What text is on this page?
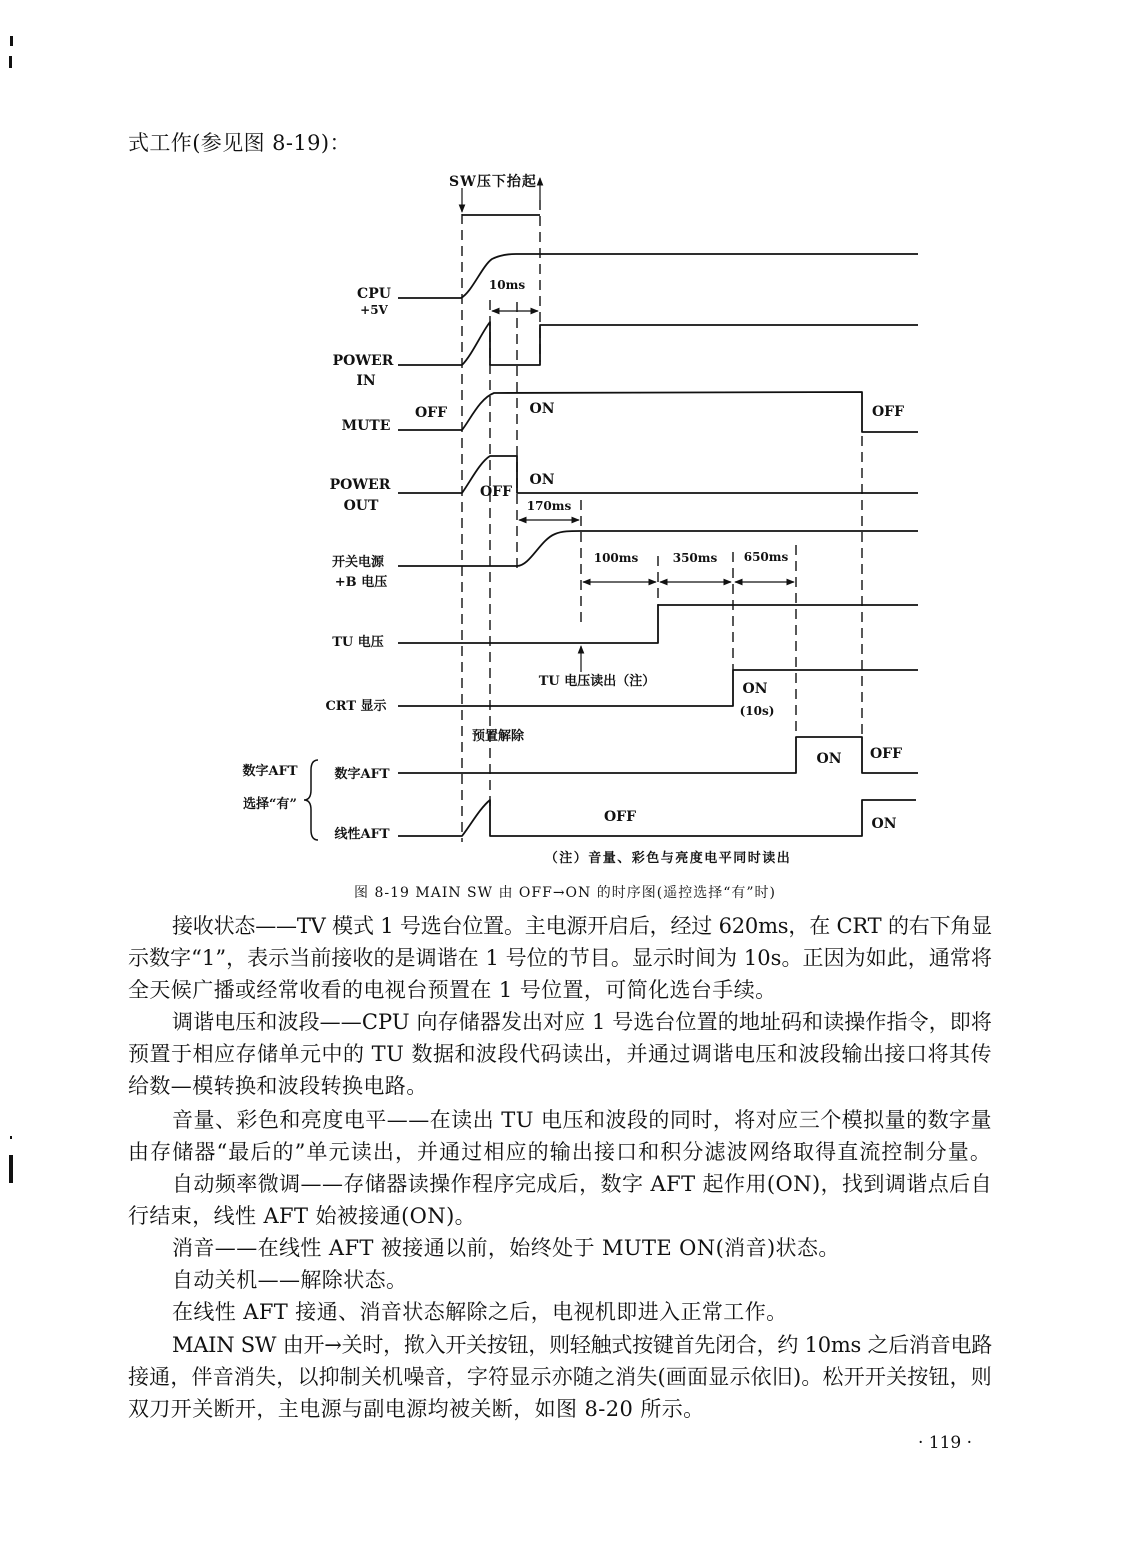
式工作(参见图 8-19)：
SW压下抬起
CPU
+5V
POWER
IN
MUTE
POWER
OUT
开关电源
+B 电压
TU 电压
CRT 显示
数字AFT
线性AFT
数字AFT
选择“有”
10ms
OFF	ON	OFF
OFF
ON
170ms
100ms	350ms 650ms
TU 电压读出（注）	ON
(10s)
预置解除
ON OFF
OFF	ON
（注）音量、彩色与亮度电平同时读出
图 8-19 MAIN SW 由 OFF→ON 的时序图(遥控选择“有”时)
接收状态——TV 模式 1 号选台位置。主电源开启后，经过 620ms，在 CRT 的右下角显
示数字“1”，表示当前接收的是调谐在 1 号位的节目。显示时间为 10s。正因为如此，通常将
全天候广播或经常收看的电视台预置在 1 号位置，可简化选台手续。
调谐电压和波段——CPU 向存储器发出对应 1 号选台位置的地址码和读操作指令，即将
预置于相应存储单元中的 TU 数据和波段代码读出，并通过调谐电压和波段输出接口将其传
给数—模转换和波段转换电路。
音量、彩色和亮度电平——在读出 TU 电压和波段的同时，将对应三个模拟量的数字量
由存储器“最后的”单元读出，并通过相应的输出接口和积分滤波网络取得直流控制分量。
自动频率微调——存储器读操作程序完成后，数字 AFT 起作用(ON)，找到调谐点后自
行结束，线性 AFT 始被接通(ON)。
消音——在线性 AFT 被接通以前，始终处于 MUTE ON(消音)状态。
自动关机——解除状态。
在线性 AFT 接通、消音状态解除之后，电视机即进入正常工作。
MAIN SW 由开→关时，揿入开关按钮，则轻触式按键首先闭合，约 10ms 之后消音电路
接通，伴音消失，以抑制关机噪音，字符显示亦随之消失(画面显示依旧)。松开开关按钮，则
双刀开关断开，主电源与副电源均被关断，如图 8-20 所示。
· 119 ·
